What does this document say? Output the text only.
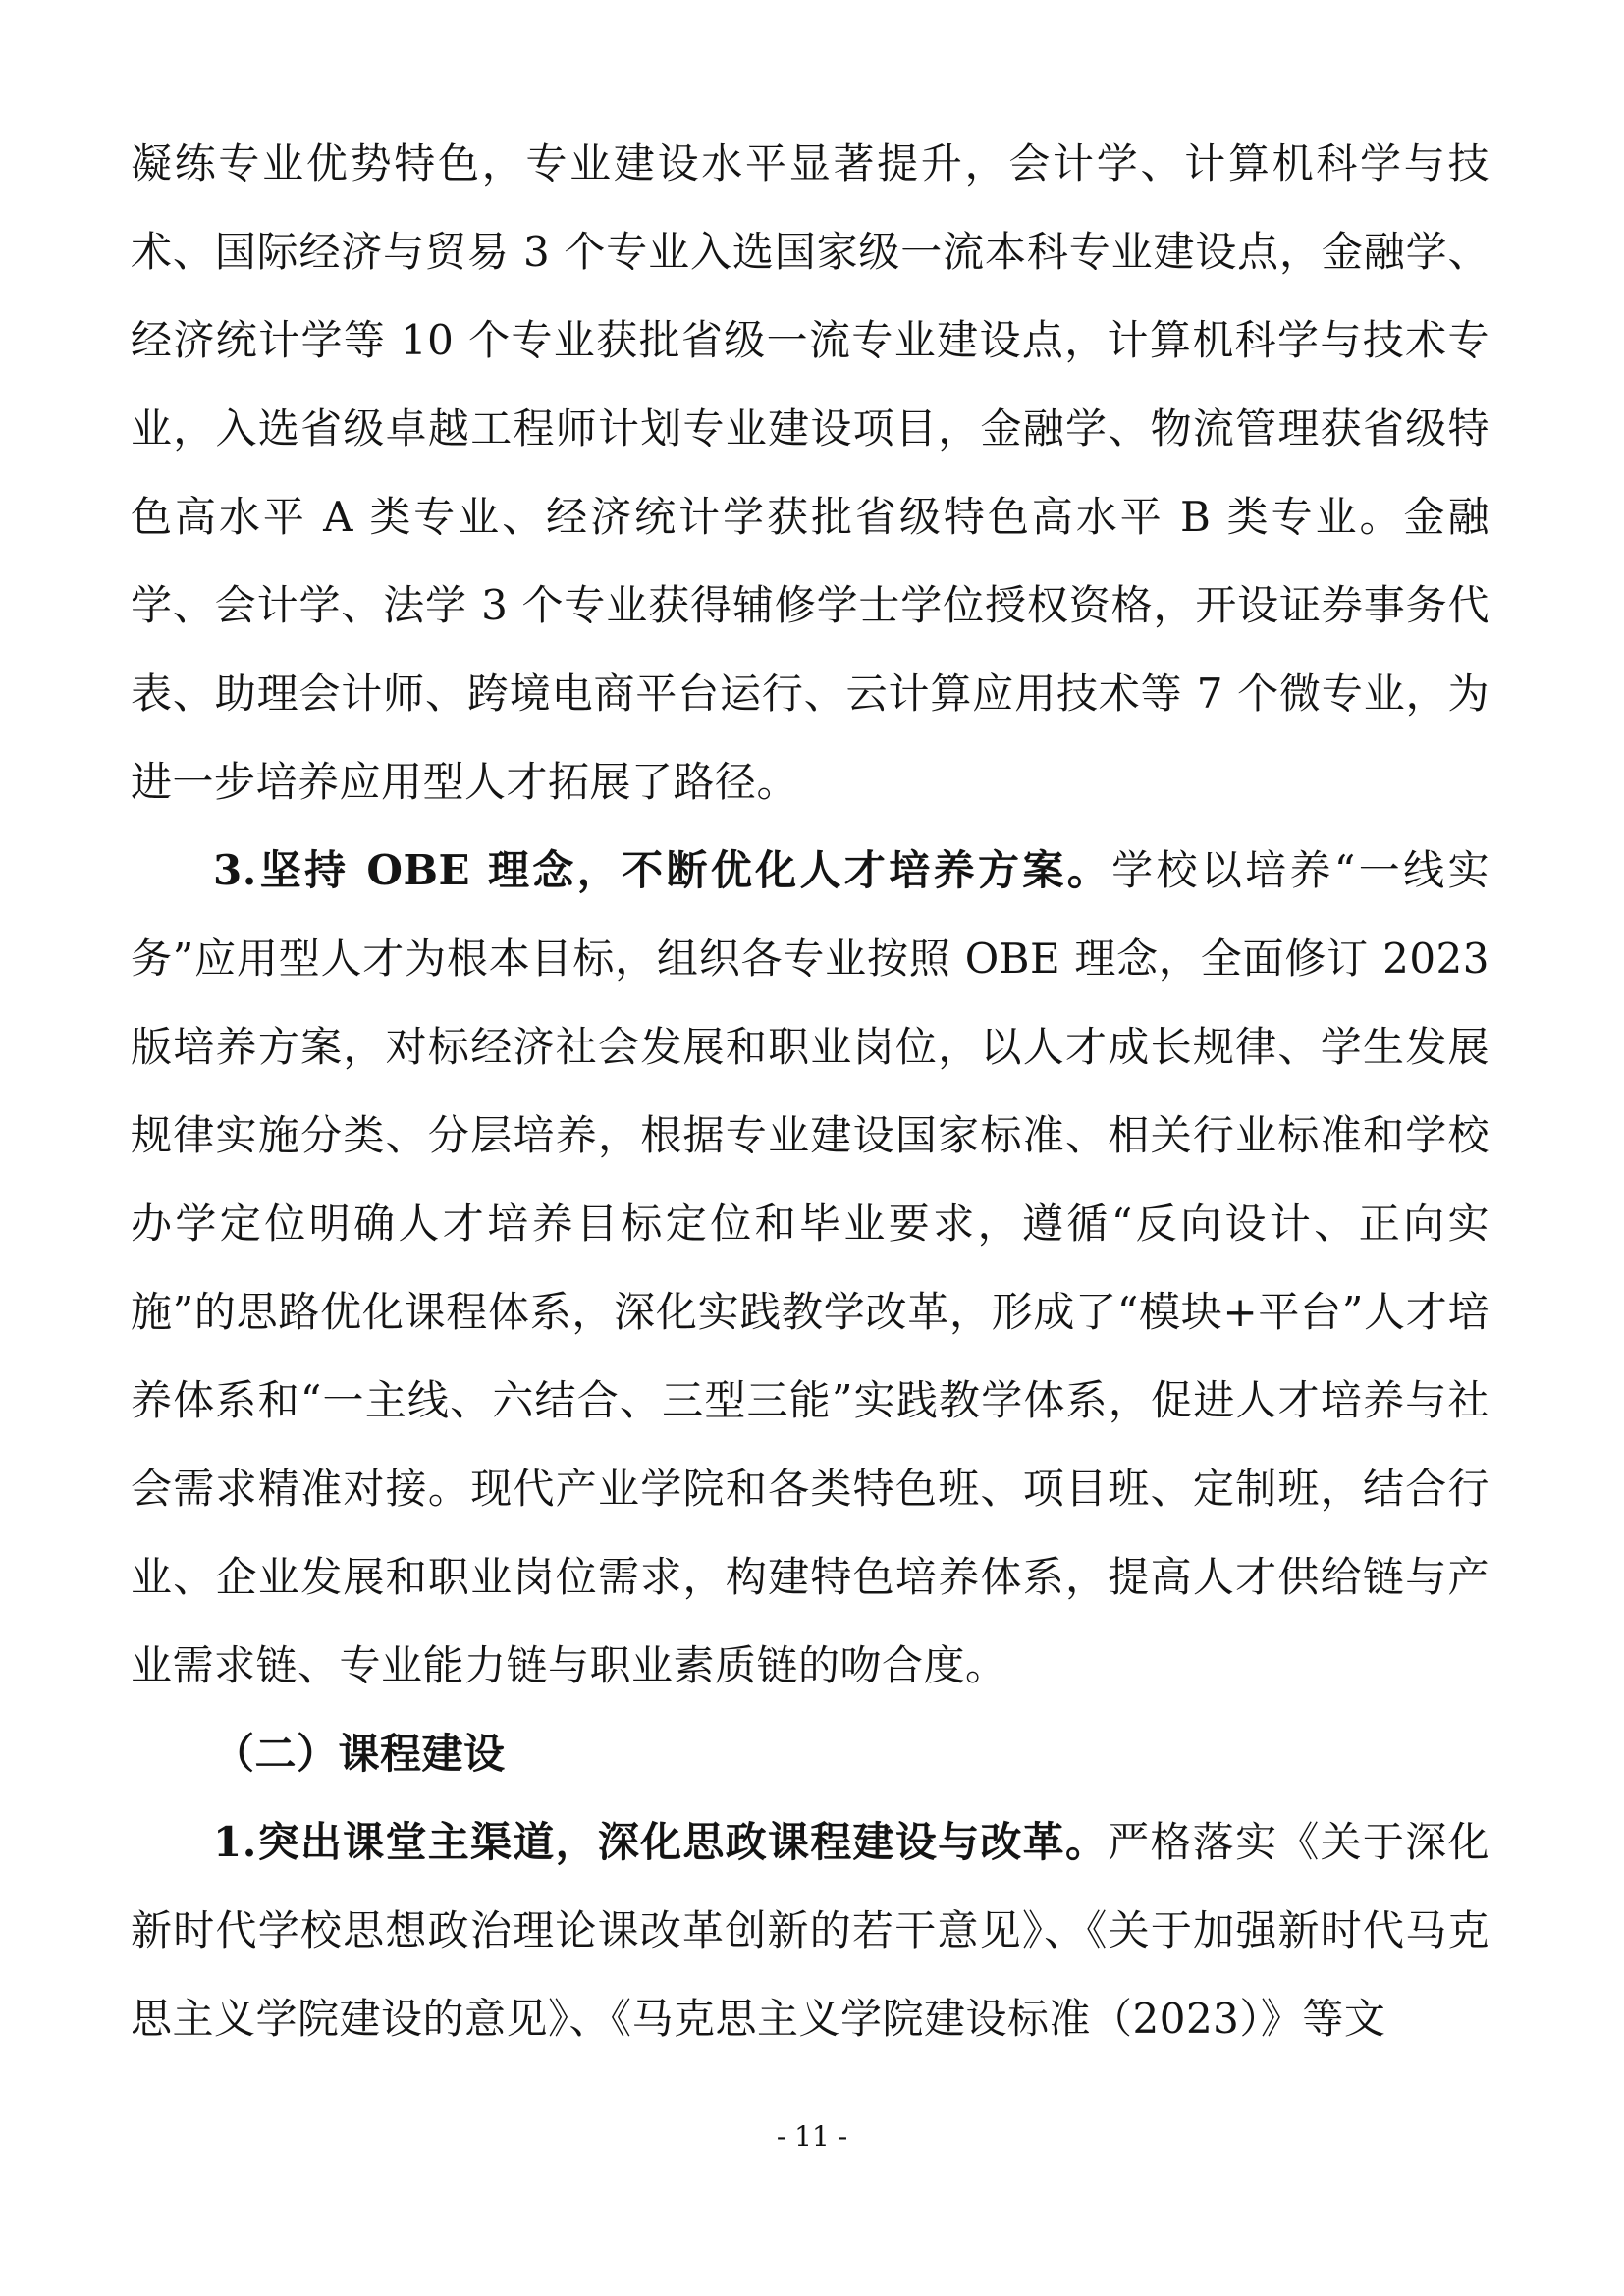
凝练专业优势特色，专业建设水平显著提升，会计学、计算机科学与技术、国际经济与贸易 3 个专业入选国家级一流本科专业建设点，金融学、经济统计学等 10 个专业获批省级一流专业建设点，计算机科学与技术专业，入选省级卓越工程师计划专业建设项目，金融学、物流管理获省级特色高水平 A 类专业、经济统计学获批省级特色高水平 B 类专业。金融学、会计学、法学 3 个专业获得辅修学士学位授权资格，开设证券事务代表、助理会计师、跨境电商平台运行、云计算应用技术等 7 个微专业，为进一步培养应用型人才拓展了路径。

3.坚持 OBE 理念，不断优化人才培养方案。学校以培养“一线实务”应用型人才为根本目标，组织各专业按照 OBE 理念，全面修订 2023 版培养方案，对标经济社会发展和职业岗位，以人才成长规律、学生发展规律实施分类、分层培养，根据专业建设国家标准、相关行业标准和学校办学定位明确人才培养目标定位和毕业要求，遵循“反向设计、正向实施”的思路优化课程体系，深化实践教学改革，形成了“模块+平台”人才培养体系和“一主线、六结合、三型三能”实践教学体系，促进人才培养与社会需求精准对接。现代产业学院和各类特色班、项目班、定制班，结合行业、企业发展和职业岗位需求，构建特色培养体系，提高人才供给链与产业需求链、专业能力链与职业素质链的吻合度。

（二）课程建设

1.突出课堂主渠道，深化思政课程建设与改革。严格落实《关于深化新时代学校思想政治理论课改革创新的若干意见》、《关于加强新时代马克思主义学院建设的意见》、《马克思主义学院建设标准（2023）》等文

- 11 -
